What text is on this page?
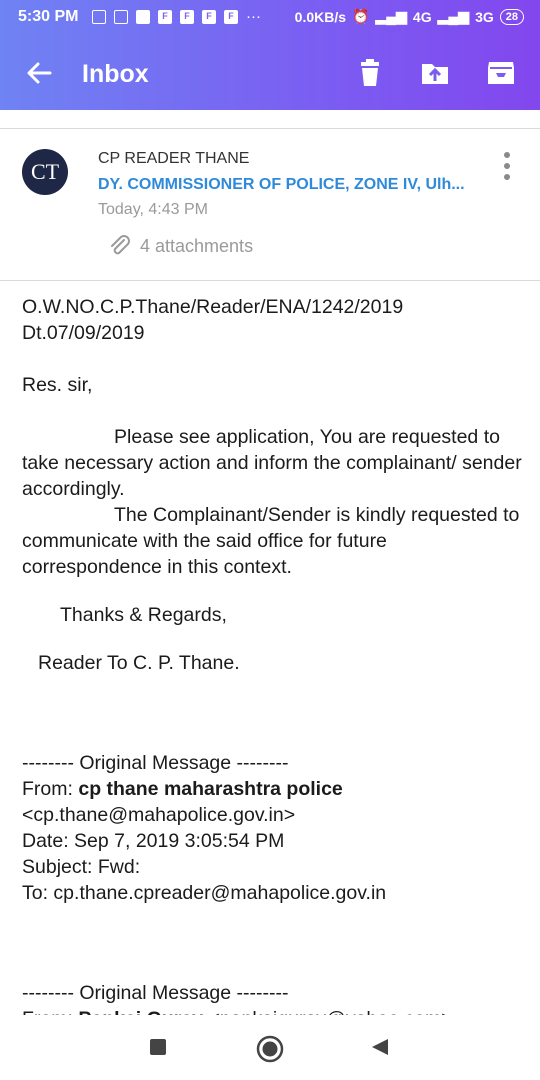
5:30 PM	F	F	F	F ··· 0.0KB/s ⏰ ▂▄▆ 4G ▂▄▆ 3G	28
Inbox
CT
CP READER THANE
DY. COMMISSIONER OF POLICE, ZONE IV, Ulh...
Today, 4:43 PM
4 attachments

O.W.NO.C.P.Thane/Reader/ENA/1242/2019

Dt.07/09/2019

Res. sir,

Please see application, You are requested to take necessary action and inform the complainant/ sender accordingly.

The Complainant/Sender is kindly requested to communicate with the said office for future correspondence in this context.

Thanks & Regards,

Reader To C. P. Thane.

-------- Original Message --------

From: cp thane maharashtra police

<cp.thane@mahapolice.gov.in>

Date: Sep 7, 2019 3:05:54 PM

Subject: Fwd:

To: cp.thane.cpreader@mahapolice.gov.in

-------- Original Message --------
